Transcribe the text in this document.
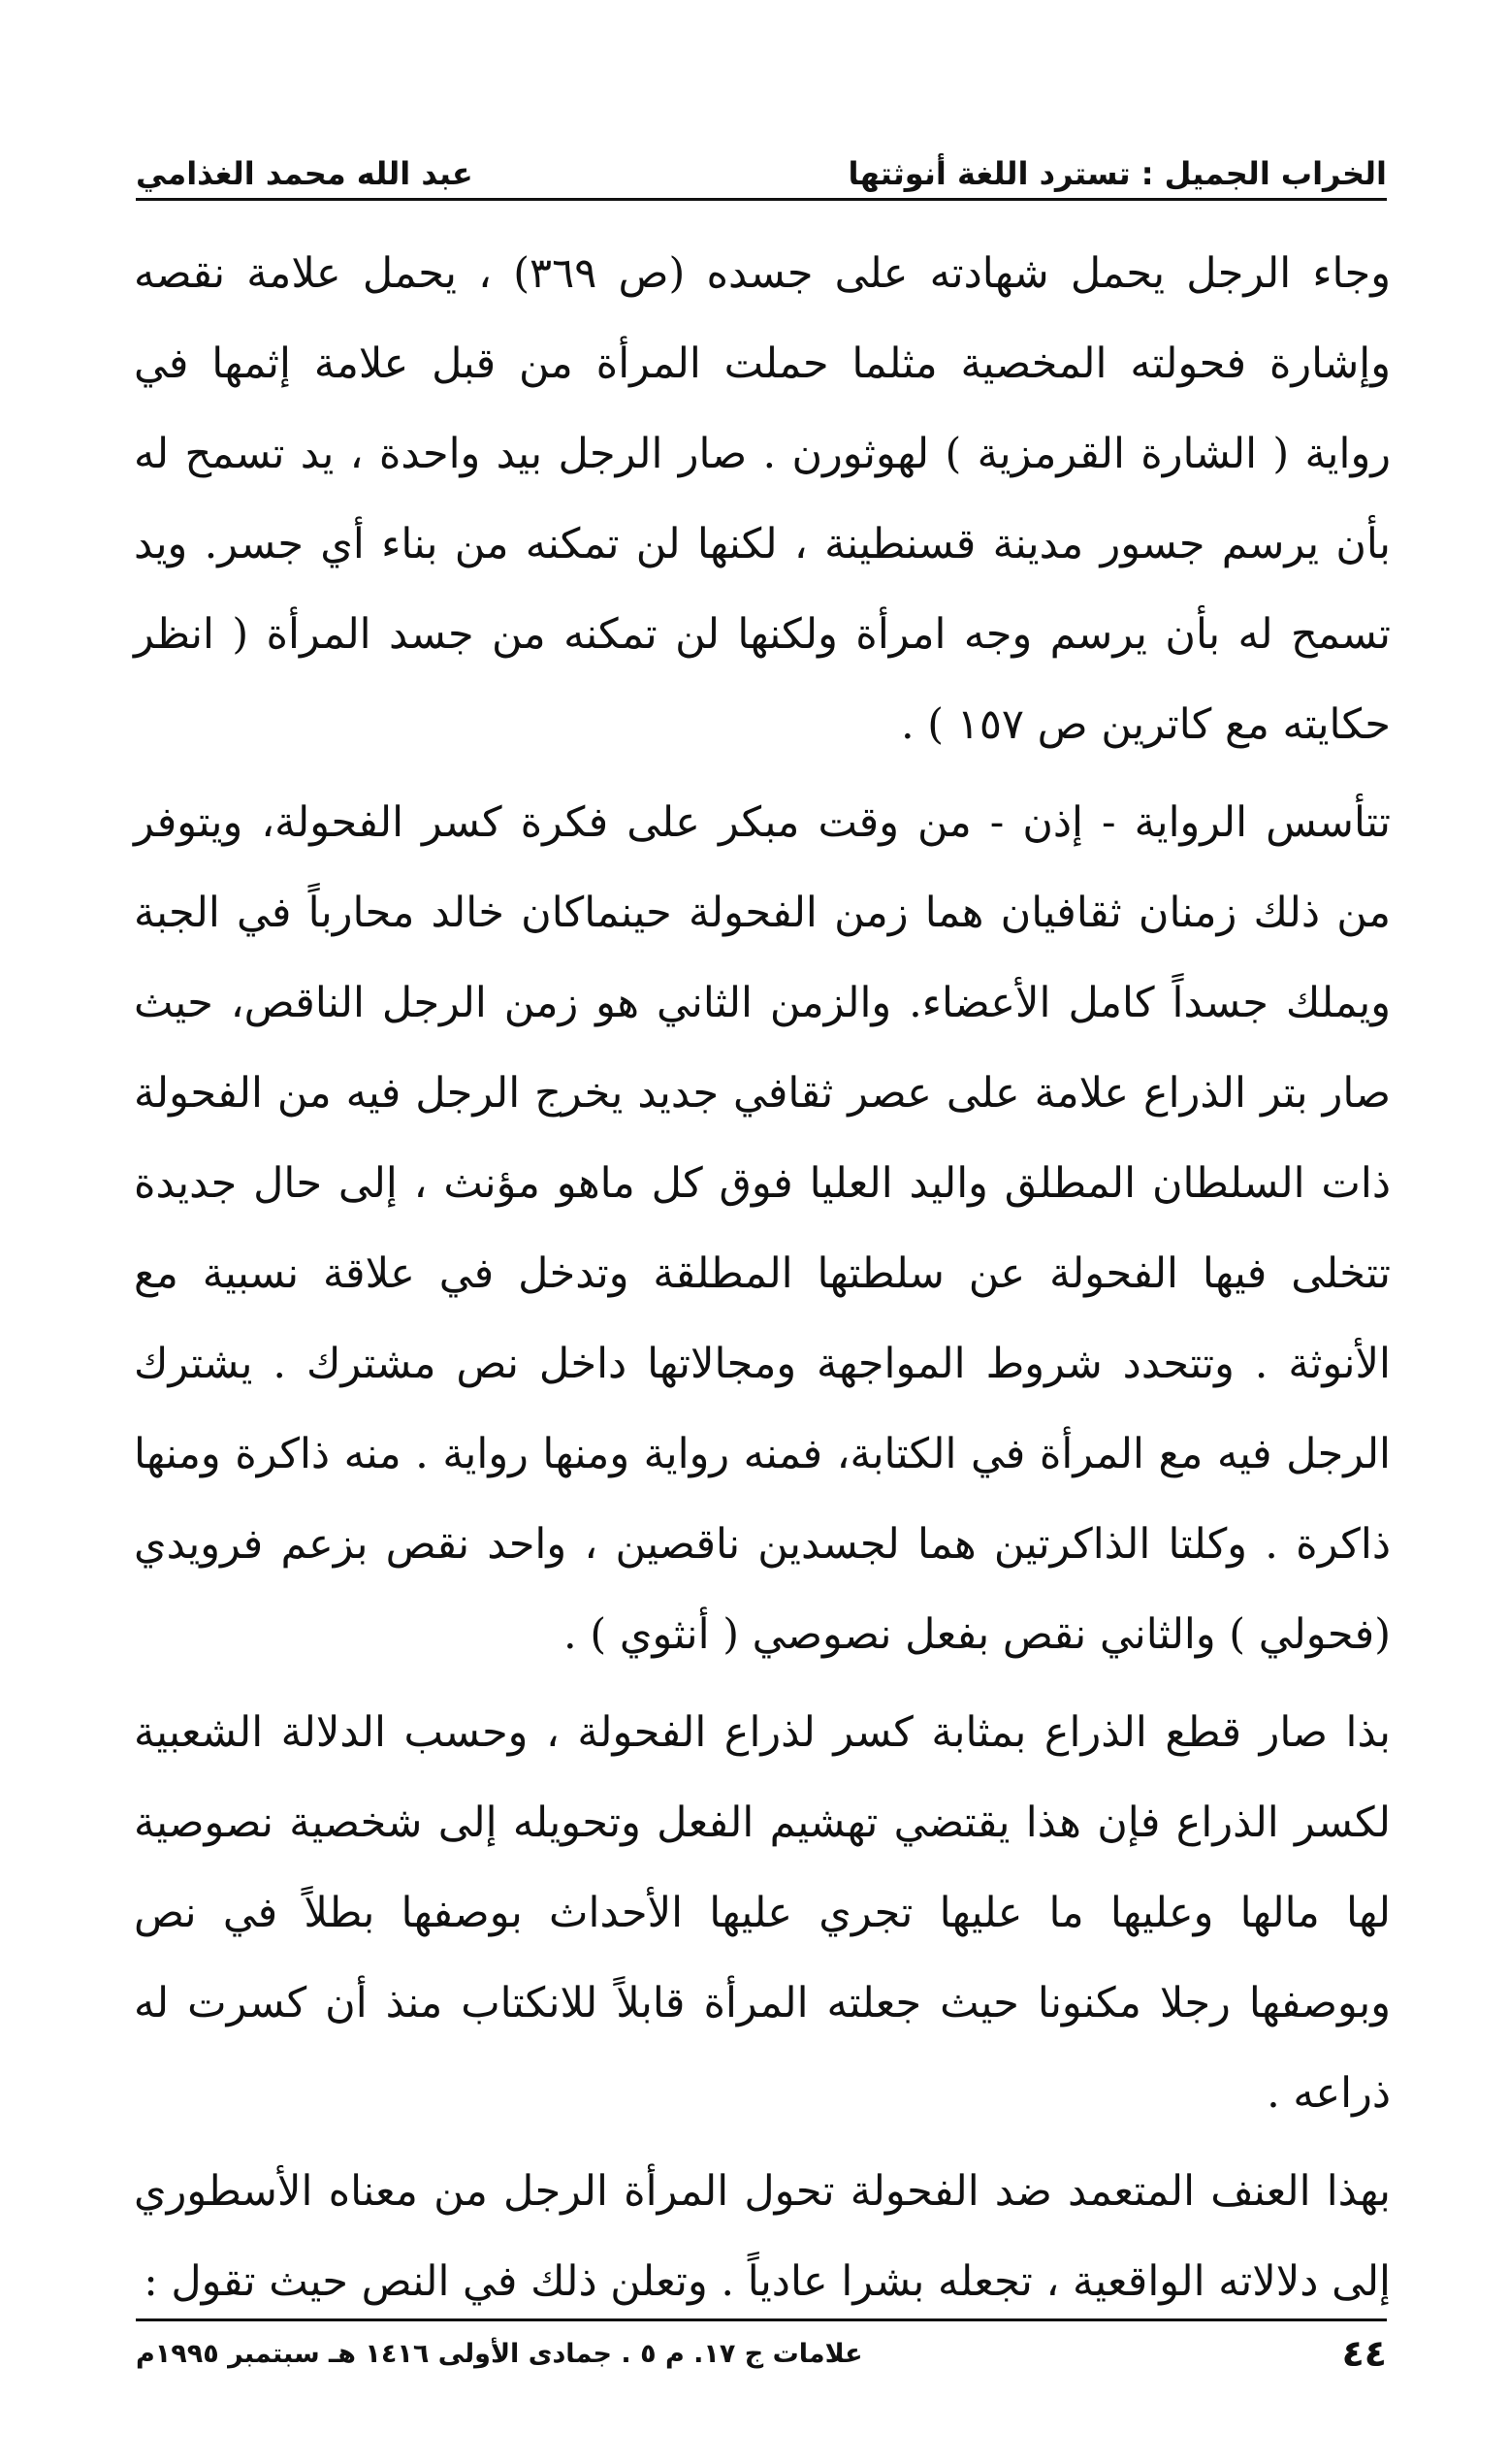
الخراب الجميل : تسترد اللغة أنوثتها
عبد الله محمد الغذامي

وجاء الرجل يحمل شهادته على جسده (ص ٣٦٩) ، يحمل علامة نقصه وإشارة فحولته المخصية مثلما حملت المرأة من قبل علامة إثمها في رواية ( الشارة القرمزية ) لهوثورن . صار الرجل بيد واحدة ، يد تسمح له بأن يرسم جسور مدينة قسنطينة ، لكنها لن تمكنه من بناء أي جسر. ويد تسمح له بأن يرسم وجه امرأة ولكنها لن تمكنه من جسد المرأة ( انظر حكايته مع كاترين ص ١٥٧ ) .

تتأسس الرواية - إذن - من وقت مبكر على فكرة كسر الفحولة، ويتوفر من ذلك زمنان ثقافيان هما زمن الفحولة حينماكان خالد محارباً في الجبة ويملك جسداً كامل الأعضاء. والزمن الثاني هو زمن الرجل الناقص، حيث صار بتر الذراع علامة على عصر ثقافي جديد يخرج الرجل فيه من الفحولة ذات السلطان المطلق واليد العليا فوق كل ماهو مؤنث ، إلى حال جديدة تتخلى فيها الفحولة عن سلطتها المطلقة وتدخل في علاقة نسبية مع الأنوثة . وتتحدد شروط المواجهة ومجالاتها داخل نص مشترك . يشترك الرجل فيه مع المرأة في الكتابة، فمنه رواية ومنها رواية . منه ذاكرة ومنها ذاكرة . وكلتا الذاكرتين هما لجسدين ناقصين ، واحد نقص بزعم فرويدي (فحولي ) والثاني نقص بفعل نصوصي ( أنثوي ) .

بذا صار قطع الذراع بمثابة كسر لذراع الفحولة ، وحسب الدلالة الشعبية لكسر الذراع فإن هذا يقتضي تهشيم الفعل وتحويله إلى شخصية نصوصية لها مالها وعليها ما عليها تجري عليها الأحداث بوصفها بطلاً في نص وبوصفها رجلا مكنونا حيث جعلته المرأة قابلاً للانكتاب منذ أن كسرت له ذراعه .

بهذا العنف المتعمد ضد الفحولة تحول المرأة الرجل من معناه الأسطوري إلى دلالاته الواقعية ، تجعله بشرا عادياً . وتعلن ذلك في النص حيث تقول :

٤٤
علامات ج ١٧. م ٥ . جمادى الأولى ١٤١٦ هـ سبتمبر ١٩٩٥م
